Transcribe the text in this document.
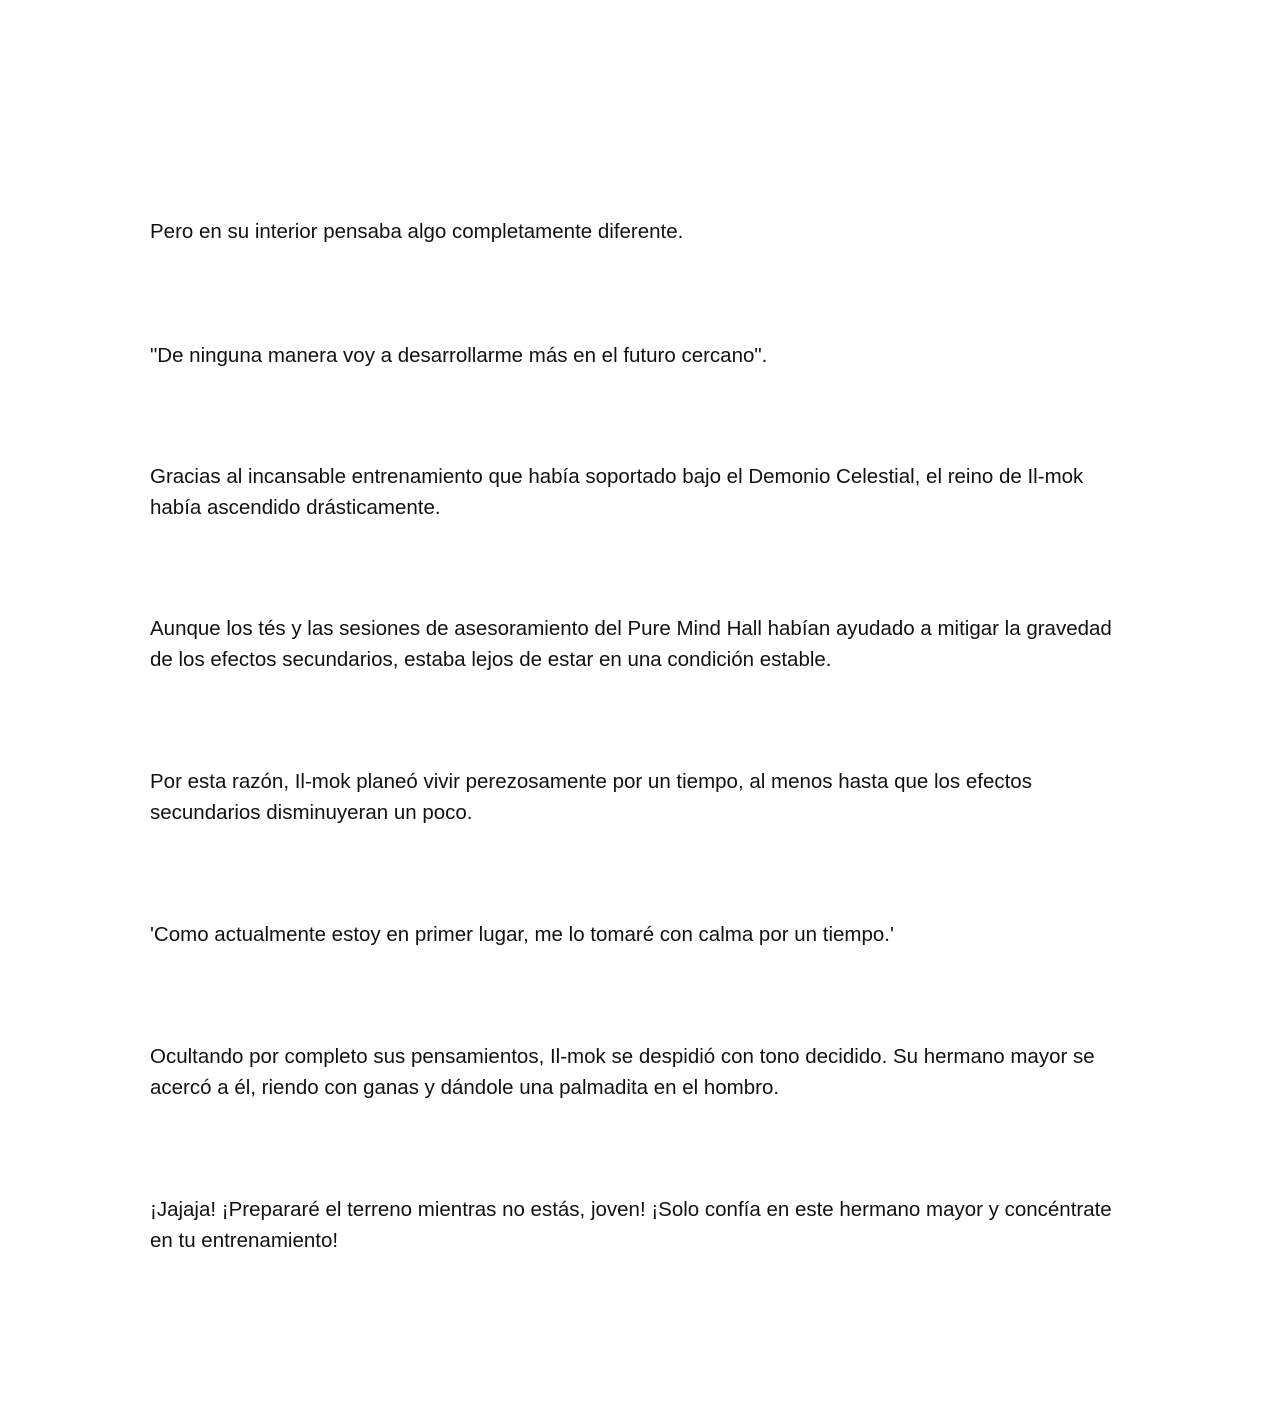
Pero en su interior pensaba algo completamente diferente.

"De ninguna manera voy a desarrollarme más en el futuro cercano".

Gracias al incansable entrenamiento que había soportado bajo el Demonio Celestial, el reino de Il-mok había ascendido drásticamente.

Aunque los tés y las sesiones de asesoramiento del Pure Mind Hall habían ayudado a mitigar la gravedad de los efectos secundarios, estaba lejos de estar en una condición estable.

Por esta razón, Il-mok planeó vivir perezosamente por un tiempo, al menos hasta que los efectos secundarios disminuyeran un poco.

'Como actualmente estoy en primer lugar, me lo tomaré con calma por un tiempo.'

Ocultando por completo sus pensamientos, Il-mok se despidió con tono decidido. Su hermano mayor se acercó a él, riendo con ganas y dándole una palmadita en el hombro.

¡Jajaja! ¡Prepararé el terreno mientras no estás, joven! ¡Solo confía en este hermano mayor y concéntrate en tu entrenamiento!
